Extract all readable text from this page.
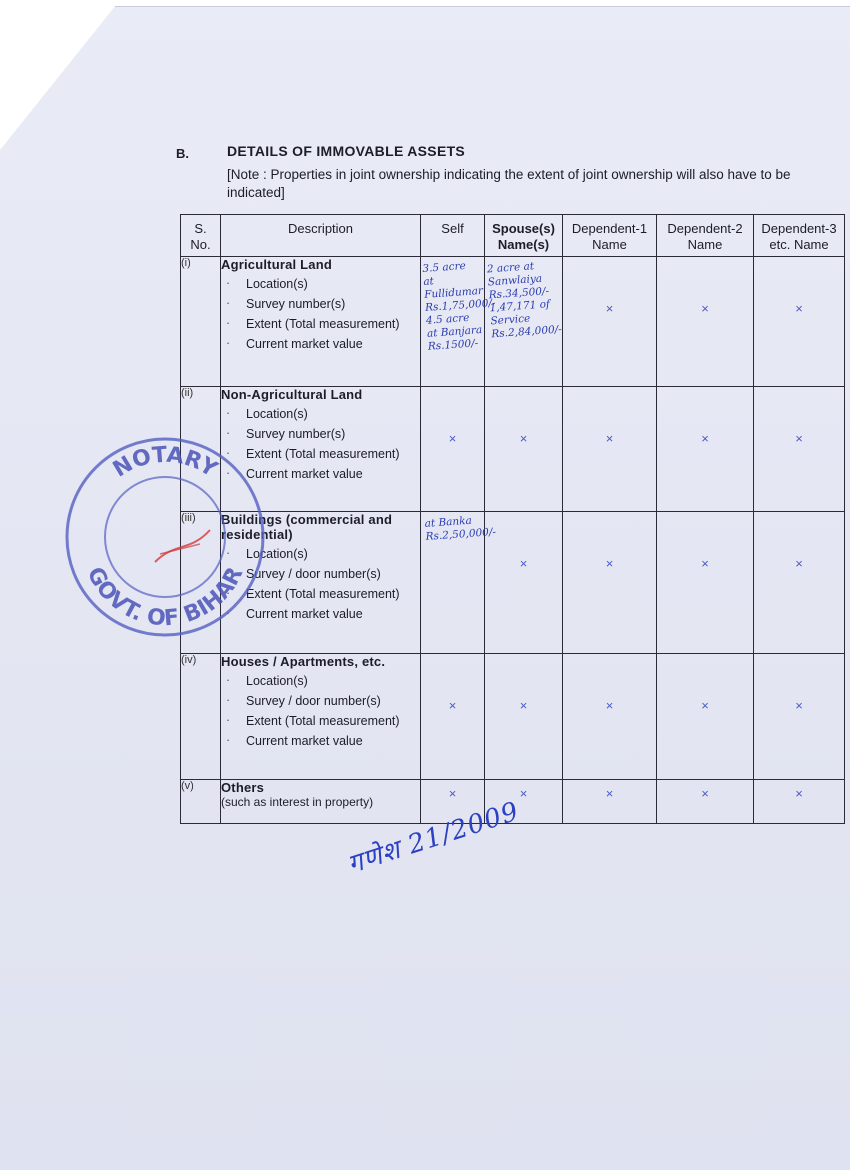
B.	DETAILS OF IMMOVABLE ASSETS
[Note : Properties in joint ownership indicating the extent of joint ownership will also have to be indicated]
S. No.	Description	Self	Spouse(s) Name(s)	Dependent-1 Name	Dependent-2 Name	Dependent-3 etc. Name
(i)	Agricultural Land
· Location(s)
· Survey number(s)
· Extent (Total measurement)
· Current market value	3.5 acre at Fullidumar Rs.1,75,000/- 4.5 acre at Banjara Rs.1500/-	2 acre at Sanwlaiya Rs.34,500/- 1,47,171 of Service Rs.2,84,000/-	×	×	×

(ii)	Non-Agricultural Land
· Location(s)
· Survey number(s)
· Extent (Total measurement)
· Current market value	×	×	×	×	×

(iii)	Buildings (commercial and residential)
· Location(s)
· Survey / door number(s)
· Extent (Total measurement)
· Current market value	at Banka Rs.2,50,000/-	×	×	×	×

(iv)	Houses / Apartments, etc.
· Location(s)
· Survey / door number(s)
· Extent (Total measurement)
· Current market value	×	×	×	×	×

(v)	Others
(such as interest in property)	×	×	×	×	×
NOTARY
GOVT. OF BIHAR
गणेश 21/2009
